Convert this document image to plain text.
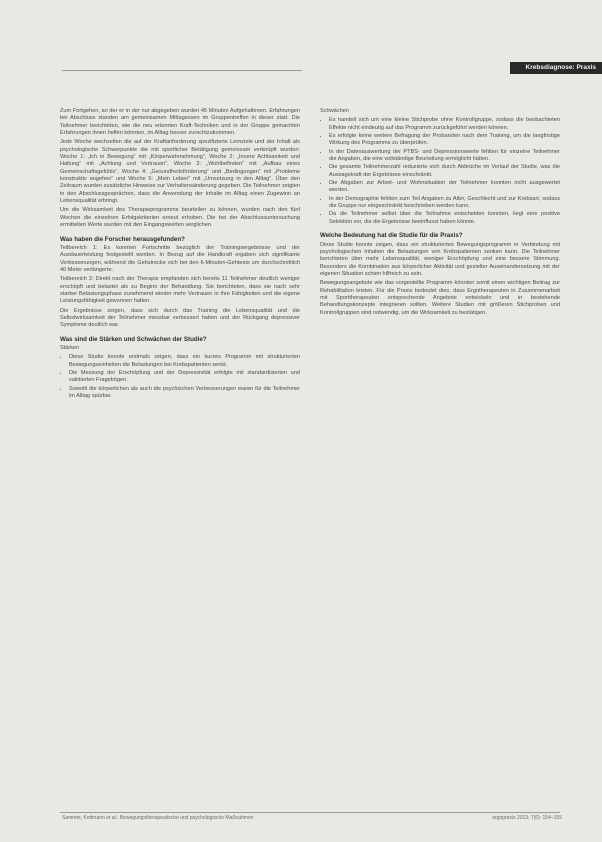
Krebsdiagnose: Praxis

Zum Fortgehen, an der er in der nur abgegeben wurden 45 Minuten Aufgehaltenen. Erfahrungen bei Abschluss standen am gemeinsamen Mittagessen im Gruppentreffen in dieser statt. Die Teilnehmer berichteten, wie die neu erlernten Kraft-Techniken und in der Gruppe gemachten Erfahrungen ihnen helfen könnten, im Alltag besser zurechtzukommen.

Jede Woche wechselten die auf der Kraftanforderung spezifizierte Lernziele und der Inhalt als psychologische Schwerpunkte die mit sportlicher Betätigung gemeinsam verknüpft wurden: Woche 1: „Ich in Bewegung“ mit „Körperwahrnehmung“, Woche 2: „Innere Achtsamkeit und Haltung“ mit „Achtung und Vertrauen“, Woche 3: „Wohlbefinden“ mit „Aufbau eines Gemeinschaftsgefühls“, Woche 4: „Gesundheitsförderung“ und „Bedingungen“ mit „Probleme konstruktiv angehen“ und Woche 5: „Mein Leben“ mit „Umsetzung in den Alltag“. Über den Zeitraum wurden zusätzliche Hinweise zur Verhaltensänderung gegeben. Die Teilnehmer zeigten in den Abschlussgesprächen, dass die Anwendung der Inhalte im Alltag einen Zugewinn an Lebensqualität erbringt.

Um die Wirksamkeit des Therapieprogramms beurteilen zu können, wurden nach den fünf Wochen die einzelnen Erfolgskriterien erneut erhoben. Die bei der Abschlussuntersuchung ermittelten Werte wurden mit den Eingangswerten verglichen.

Was haben die Forscher herausgefunden?

Teilbereich 1: Es konnten Fortschritte bezüglich der Trainingsergebnisse und der Ausdauerleistung festgestellt werden. In Bezug auf die Handkraft ergaben sich signifikante Verbesserungen, während die Gehstrecke sich bei den 6-Minuten-Gehtests um durchschnittlich 40 Meter verlängerte.

Teilbereich 2: Direkt nach der Therapie empfanden sich bereits 11 Teilnehmer deutlich weniger erschöpft und belastet als zu Beginn der Behandlung. Sie berichteten, dass sie nach sehr starker Belastungsphase zunehmend wieder mehr Vertrauen in ihre Fähigkeiten und die eigene Leistungsfähigkeit gewonnen hatten.

Die Ergebnisse zeigen, dass sich durch das Training die Lebensqualität und die Selbstwirksamkeit der Teilnehmer messbar verbessert haben und der Rückgang depressiver Symptome deutlich war.

Was sind die Stärken und Schwächen der Studie?

Stärken

• Diese Studie konnte erstmals zeigen, dass ein kurzes Programm mit strukturierten Bewegungseinheiten die Belastungen bei Krebspatienten senkt.
• Die Messung der Erschöpfung und der Depressivität erfolgte mit standardisierten und validierten Fragebögen.
• Sowohl die körperlichen als auch die psychischen Verbesserungen waren für die Teilnehmer im Alltag spürbar.

Schwächen

• Es handelt sich um eine kleine Stichprobe ohne Kontrollgruppe, sodass die beobachteten Effekte nicht eindeutig auf das Programm zurückgeführt werden können.
• Es erfolgte keine weitere Befragung der Probanden nach dem Training, um die langfristige Wirkung des Programms zu überprüfen.
• In der Datenauswertung der PTBS- und Depressionswerte fehlten für einzelne Teilnehmer die Angaben, die eine vollständige Beurteilung ermöglicht hätten.
• Die gesamte Teilnehmerzahl reduzierte sich durch Abbrüche im Verlauf der Studie, was die Aussagekraft der Ergebnisse einschränkt.
• Die Abgaben zur Arbeit- und Wohnsituation der Teilnehmer konnten nicht ausgewertet werden.
• In der Demographie fehlten zum Teil Angaben zu Alter, Geschlecht und zur Krebsart, sodass die Gruppe nur eingeschränkt beschrieben werden kann.
• Da die Teilnehmer selbst über die Teilnahme entscheiden konnten, liegt eine positive Selektion vor, die die Ergebnisse beeinflusst haben könnte.
Welche Bedeutung hat die Studie für die Praxis?

Diese Studie konnte zeigen, dass ein strukturiertes Bewegungsprogramm in Verbindung mit psychologischen Inhalten die Belastungen von Krebspatienten senken kann. Die Teilnehmer berichteten über mehr Lebensqualität, weniger Erschöpfung und eine bessere Stimmung. Besonders die Kombination aus körperlicher Aktivität und gezielter Auseinandersetzung mit der eigenen Situation schien hilfreich zu sein.

Bewegungsangebote wie das vorgestellte Programm könnten somit einen wichtigen Beitrag zur Rehabilitation leisten. Für die Praxis bedeutet dies, dass Ergotherapeuten in Zusammenarbeit mit Sporttherapeuten entsprechende Angebote entwickeln und in bestehende Behandlungskonzepte integrieren sollten. Weitere Studien mit größeren Stichproben und Kontrollgruppen sind notwendig, um die Wirksamkeit zu bestätigen.

Sammet, Kottmann et al.: Bewegungstherapeutische und psychologische Maßnahmen	ergopraxis 2013; 7(6): 154–155
